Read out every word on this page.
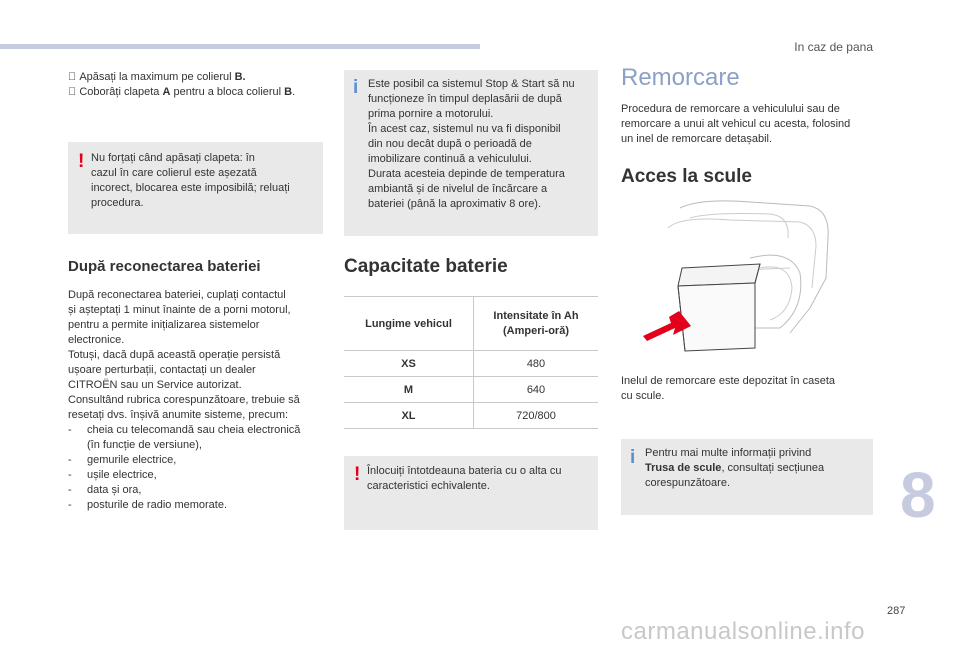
In caz de pana

Apăsați la maximum pe colierul B.

Coborâți clapeta A pentru a bloca colierul B.

! Nu forțați când apăsați clapeta: în

cazul în care colierul este așezată

incorect, blocarea este imposibilă; reluați

procedura.

După reconectarea bateriei

După reconectarea bateriei, cuplați contactul

și așteptați 1 minut înainte de a porni motorul,

pentru a permite inițializarea sistemelor

electronice.

Totuși, dacă după această operație persistă

ușoare perturbații, contactați un dealer

CITROËN sau un Service autorizat.

Consultând rubrica corespunzătoare, trebuie să

resetați dvs. înșivă anumite sisteme, precum:

-	cheia cu telecomandă sau cheia electronică
(în funcție de versiune),
-	gemurile electrice,
-	ușile electrice,
-	data și ora,
-	posturile de radio memorate.
i Este posibil ca sistemul Stop & Start să nu

funcționeze în timpul deplasării de după

prima pornire a motorului.

În acest caz, sistemul nu va fi disponibil

din nou decât după o perioadă de

imobilizare continuă a vehiculului.

Durata acesteia depinde de temperatura

ambiantă și de nivelul de încărcare a

bateriei (până la aproximativ 8 ore).

Capacitate baterie
Lungime vehicul	Intensitate în Ah (Amperi-oră)
XS	480
M	640
XL	720/800
! Înlocuiți întotdeauna bateria cu o alta cu

caracteristici echivalente.

Remorcare

Procedura de remorcare a vehiculului sau de

remorcare a unui alt vehicul cu acesta, folosind

un inel de remorcare detașabil.

Acces la scule

Inelul de remorcare este depozitat în caseta

cu scule.

i Pentru mai multe informații privind

Trusa de scule, consultați secțiunea

corespunzătoare.	8
287
carmanualsonline.info
